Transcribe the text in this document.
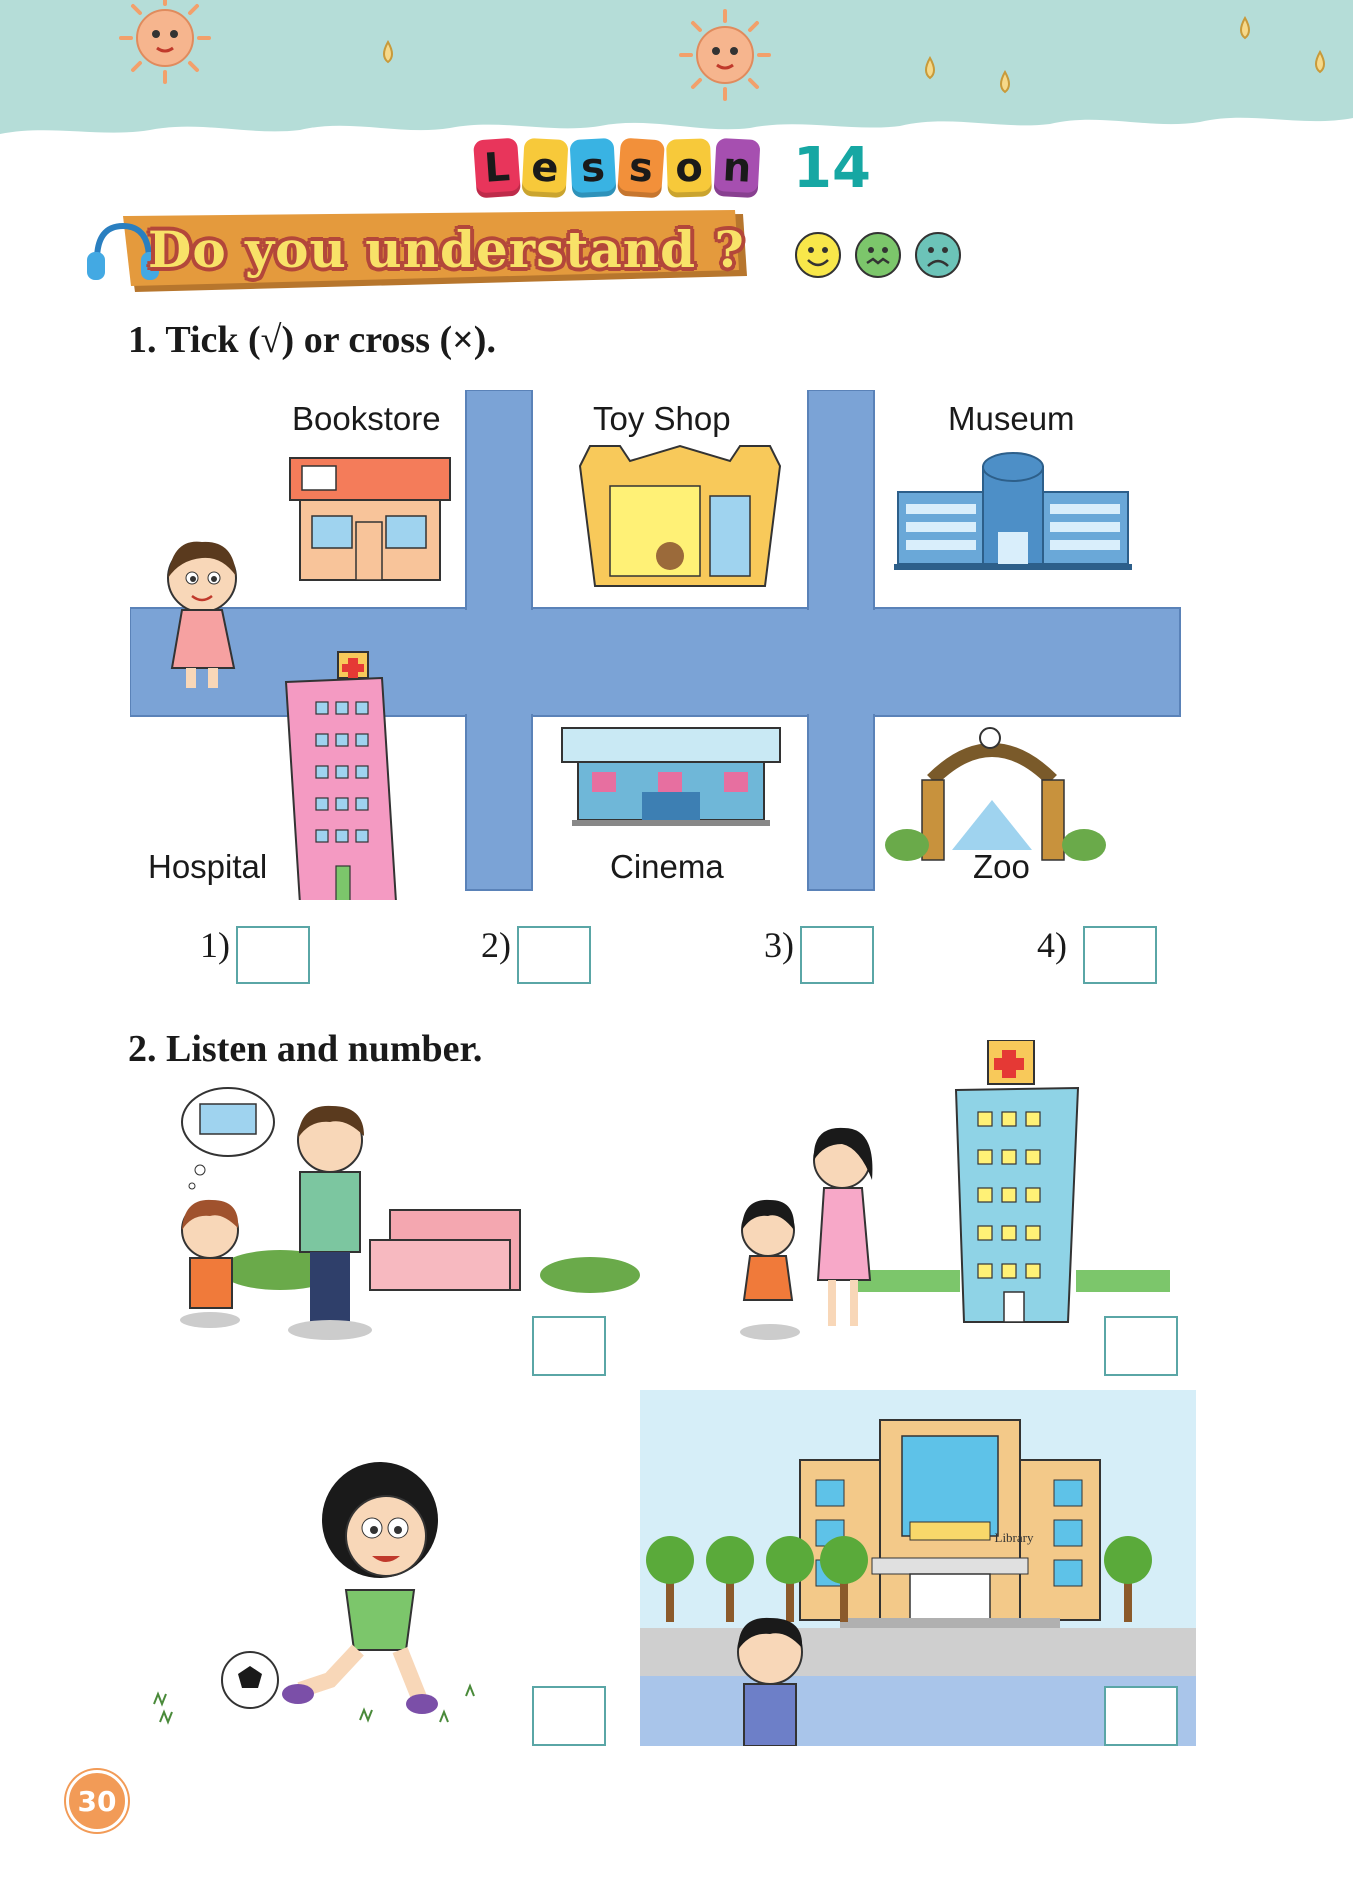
L e s s o n 14
Do you understand ?
1. Tick (√) or cross (×).
Bookstore	Toy Shop	Museum
Hospital	Cinema	Zoo
1)	2)	3)	4)
2. Listen and number.
Library
30
